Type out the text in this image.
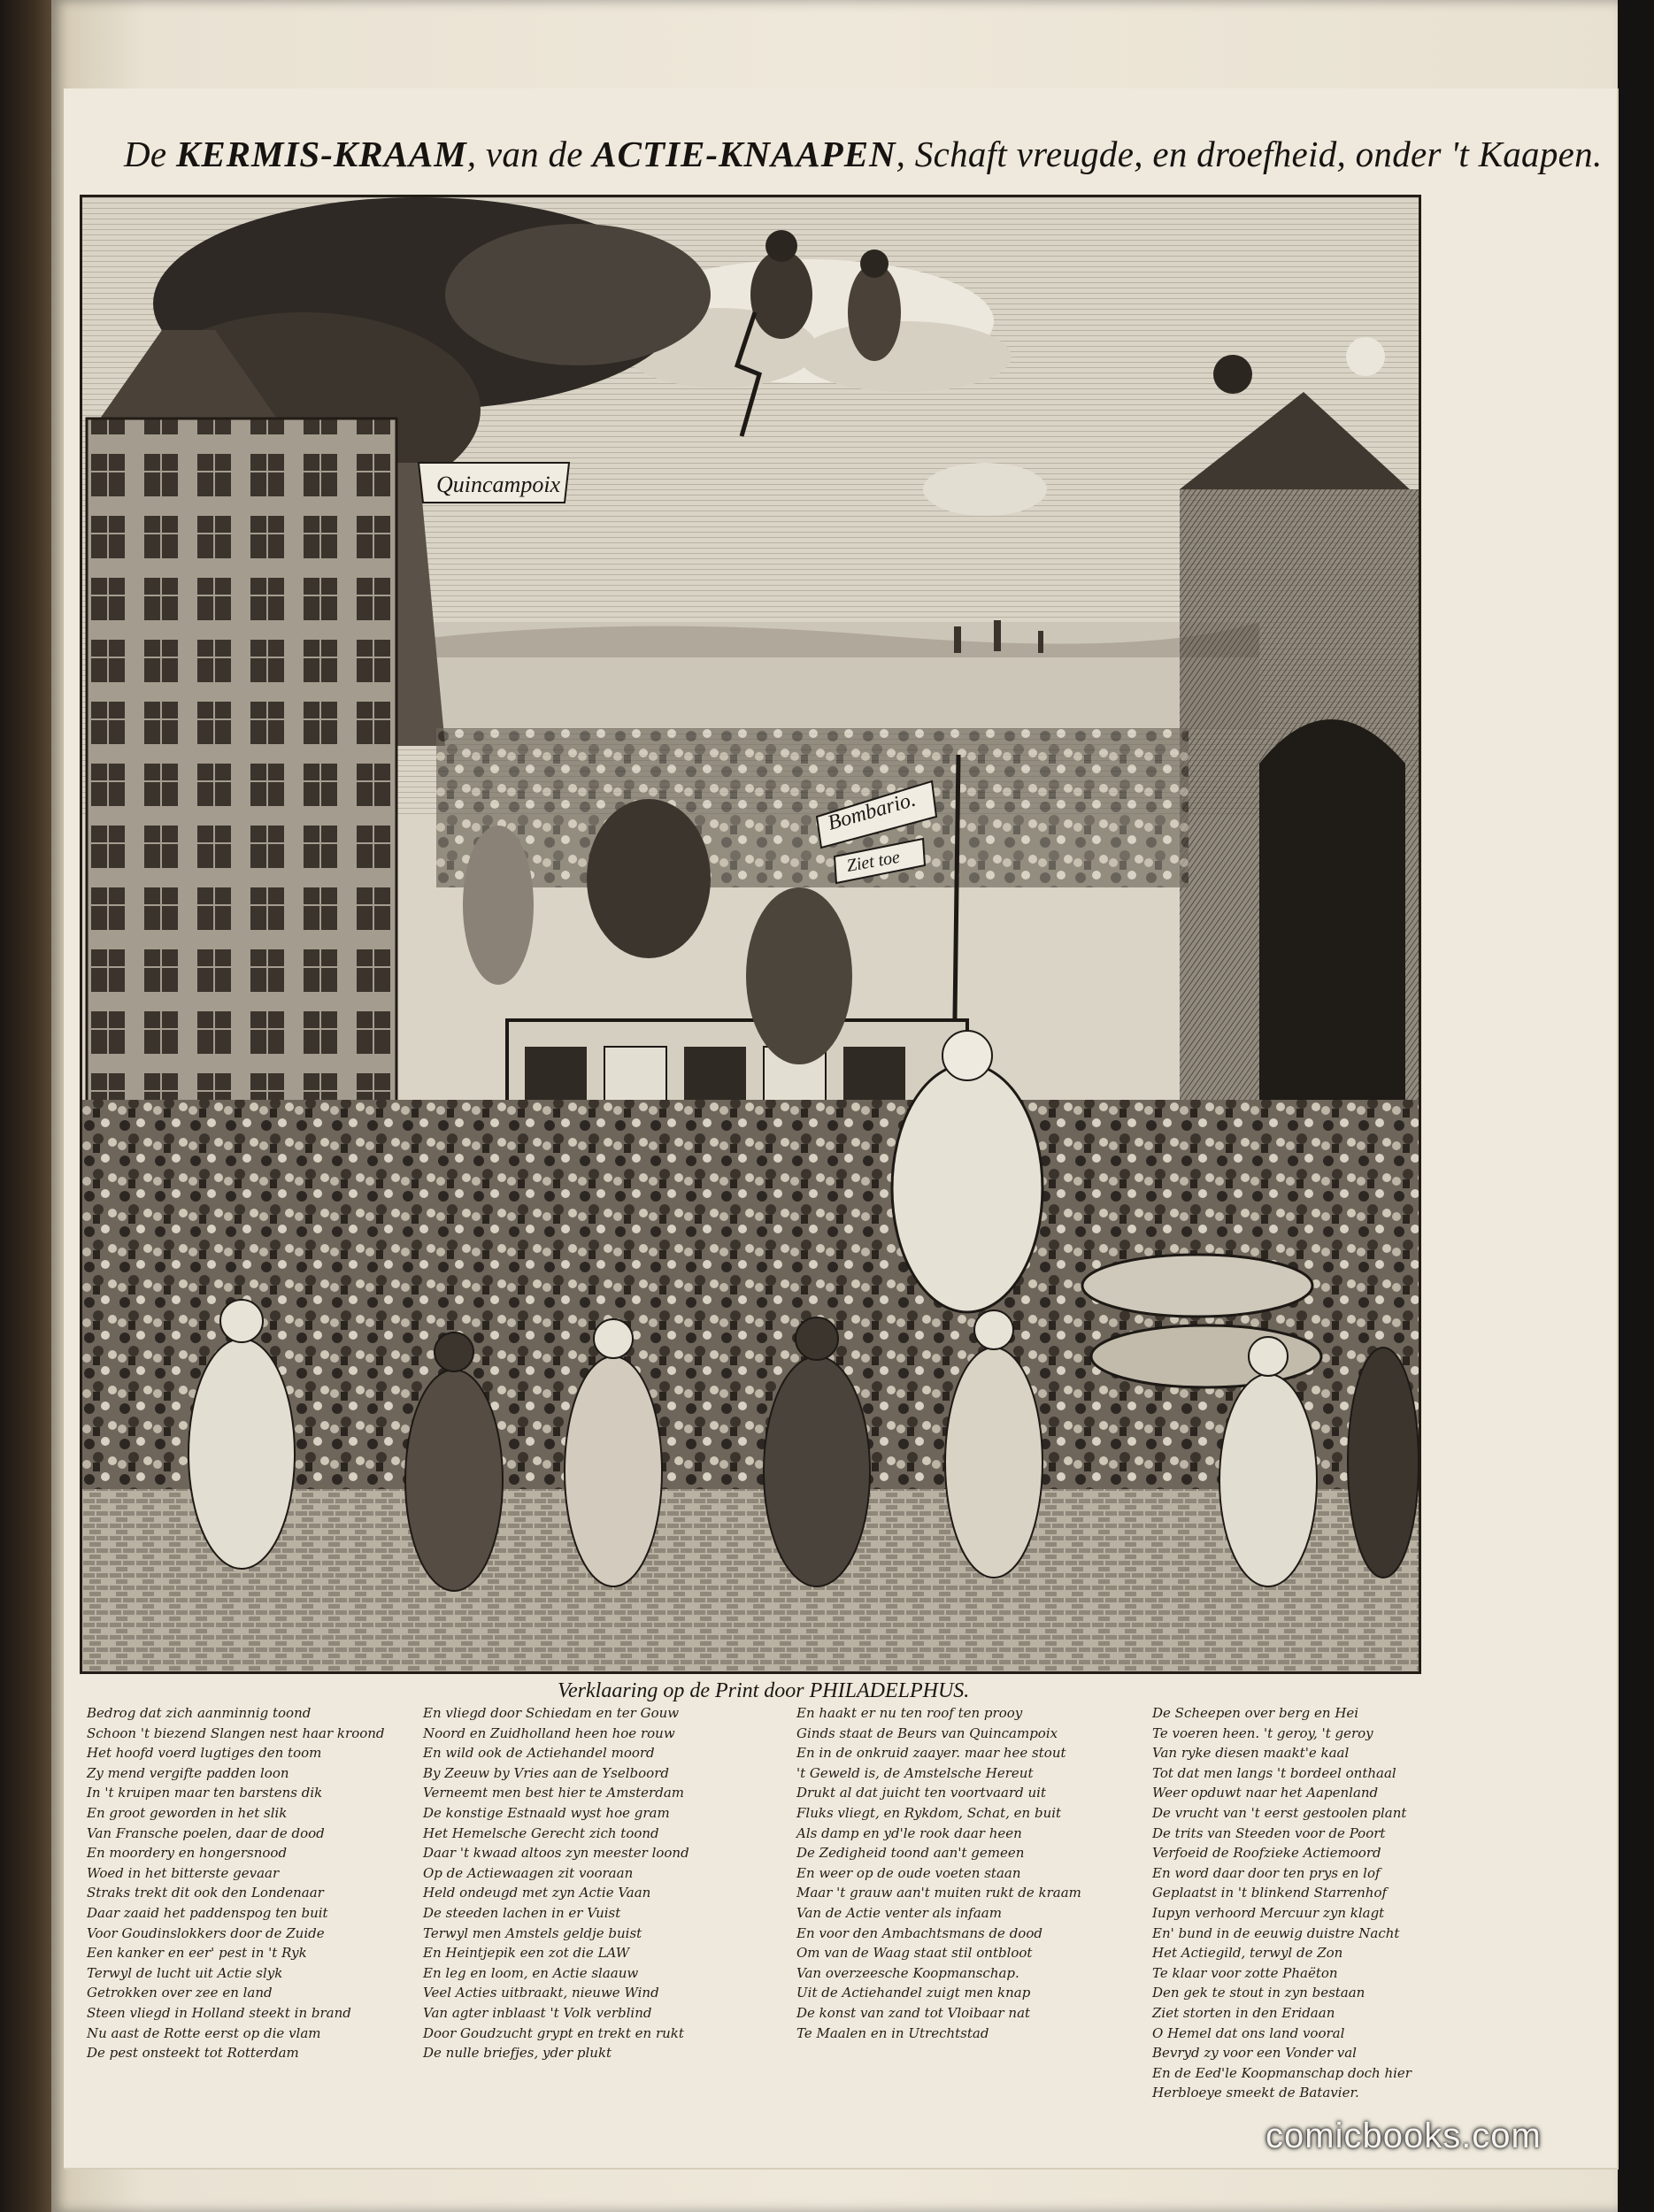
De KERMIS-KRAAM, van de ACTIE-KNAAPEN, Schaft vreugde, en droefheid, onder 't Kaapen.
Quincampoix
Bombario.
Ziet toe
Verklaaring op de Print door PHILADELPHUS.
Bedrog dat zich aanminnig toond
Schoon 't biezend Slangen nest haar kroond
Het hoofd voerd lugtiges den toom
Zy mend vergifte padden loon
In 't kruipen maar ten barstens dik
En groot geworden in het slik
Van Fransche poelen, daar de dood
En moordery en hongersnood
Woed in het bitterste gevaar
Straks trekt dit ook den Londenaar
Daar zaaid het paddenspog ten buit
Voor Goudinslokkers door de Zuide
Een kanker en eer' pest in 't Ryk
Terwyl de lucht uit Actie slyk
Getrokken over zee en land
Steen vliegd in Holland steekt in brand
Nu aast de Rotte eerst op die vlam
De pest onsteekt tot Rotterdam
En vliegd door Schiedam en ter Gouw
Noord en Zuidholland heen hoe rouw
En wild ook de Actiehandel moord
By Zeeuw by Vries aan de Yselboord
Verneemt men best hier te Amsterdam
De konstige Estnaald wyst hoe gram
Het Hemelsche Gerecht zich toond
Daar 't kwaad altoos zyn meester loond
Op de Actiewaagen zit vooraan
Held ondeugd met zyn Actie Vaan
De steeden lachen in er Vuist
Terwyl men Amstels geldje buist
En Heintjepik een zot die LAW
En leg en loom, en Actie slaauw
Veel Acties uitbraakt, nieuwe Wind
Van agter inblaast 't Volk verblind
Door Goudzucht grypt en trekt en rukt
De nulle briefjes, yder plukt
En haakt er nu ten roof ten prooy
Ginds staat de Beurs van Quincampoix
En in de onkruid zaayer. maar hee stout
't Geweld is, de Amstelsche Hereut
Drukt al dat juicht ten voortvaard uit
Fluks vliegt, en Rykdom, Schat, en buit
Als damp en yd'le rook daar heen
De Zedigheid toond aan't gemeen
En weer op de oude voeten staan
Maar 't grauw aan't muiten rukt de kraam
Van de Actie venter als infaam
En voor den Ambachtsmans de dood
Om van de Waag staat stil ontbloot
Van overzeesche Koopmanschap.
Uit de Actiehandel zuigt men knap
De konst van zand tot Vloibaar nat
Te Maalen en in Utrechtstad
De Scheepen over berg en Hei
Te voeren heen. 't geroy, 't geroy
Van ryke diesen maakt'e kaal
Tot dat men langs 't bordeel onthaal
Weer opduwt naar het Aapenland
De vrucht van 't eerst gestoolen plant
De trits van Steeden voor de Poort
Verfoeid de Roofzieke Actiemoord
En word daar door ten prys en lof
Geplaatst in 't blinkend Starrenhof
Iupyn verhoord Mercuur zyn klagt
En' bund in de eeuwig duistre Nacht
Het Actiegild, terwyl de Zon
Te klaar voor zotte Phaëton
Den gek te stout in zyn bestaan
Ziet storten in den Eridaan
O Hemel dat ons land vooral
Bevryd zy voor een Vonder val
En de Eed'le Koopmanschap doch hier
Herbloeye smeekt de Batavier.
comicbooks.com
